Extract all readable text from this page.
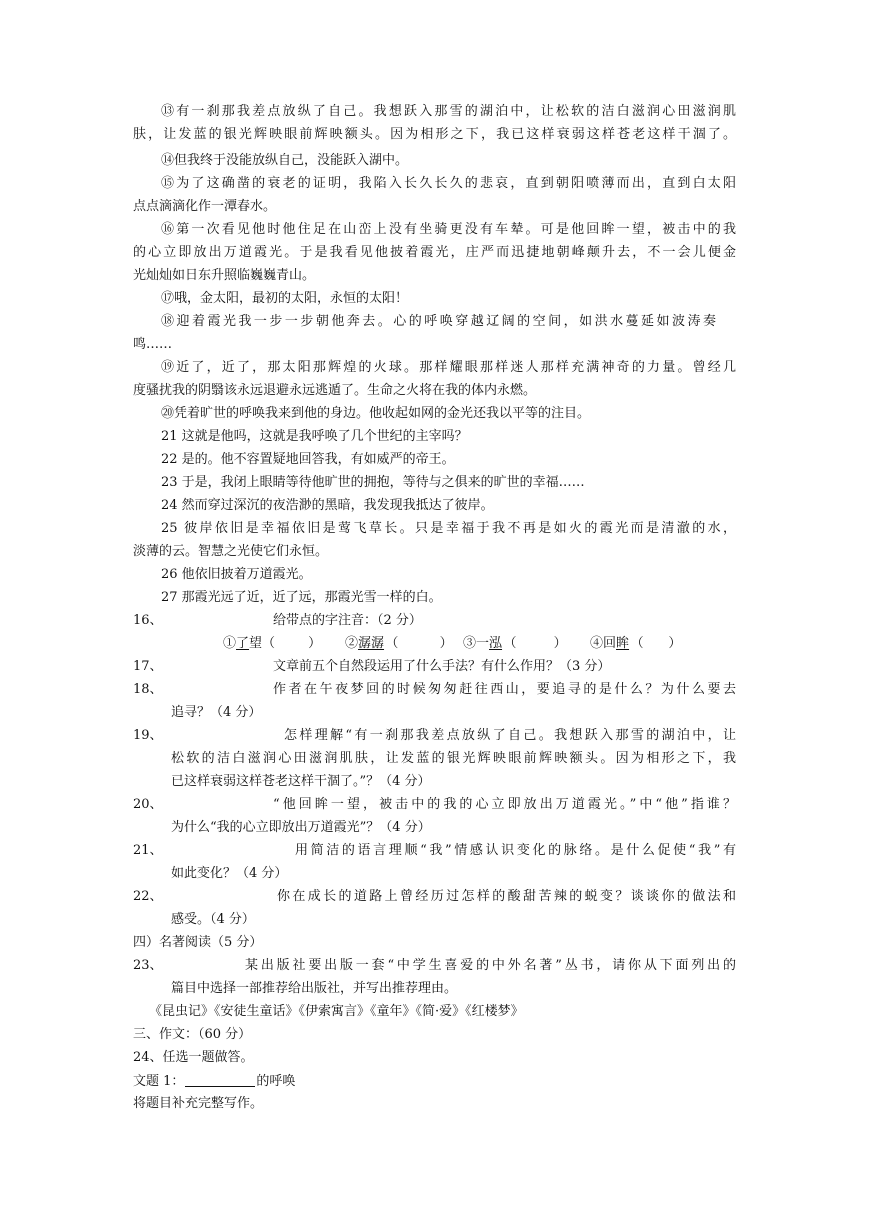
⑬有一刹那我差点放纵了自己。我想跃入那雪的湖泊中，让松软的洁白滋润心田滋润肌
肤，让发蓝的银光辉映眼前辉映额头。因为相形之下，我已这样衰弱这样苍老这样干涸了。
⑭但我终于没能放纵自己，没能跃入湖中。
⑮为了这确凿的衰老的证明，我陷入长久长久的悲哀，直到朝阳喷薄而出，直到白太阳
点点滴滴化作一潭春水。
⑯第一次看见他时他住足在山峦上没有坐骑更没有车辇。可是他回眸一望，被击中的我
的心立即放出万道霞光。于是我看见他披着霞光，庄严而迅捷地朝峰颠升去，不一会儿便金
光灿灿如日东升照临巍巍青山。
⑰哦，金太阳，最初的太阳，永恒的太阳！
⑱迎着霞光我一步一步朝他奔去。心的呼唤穿越辽阔的空间，如洪水蔓延如波涛奏
鸣……
⑲近了，近了，那太阳那辉煌的火球。那样耀眼那样迷人那样充满神奇的力量。曾经几
度骚扰我的阴翳该永远退避永远逃遁了。生命之火将在我的体内永燃。
⑳凭着旷世的呼唤我来到他的身边。他收起如网的金光还我以平等的注目。
21 这就是他吗，这就是我呼唤了几个世纪的主宰吗？
22 是的。他不容置疑地回答我，有如威严的帝王。
23 于是，我闭上眼睛等待他旷世的拥抱，等待与之俱来的旷世的幸福……
24 然而穿过深沉的夜浩渺的黑暗，我发现我抵达了彼岸。
25 彼岸依旧是幸福依旧是莺飞草长。只是幸福于我不再是如火的霞光而是清澈的水，
淡薄的云。智慧之光使它们永恒。
26 他依旧披着万道霞光。
27 那霞光远了近，近了远，那霞光雪一样的白。
16、	给带点的字注音：（2 分）
①了望（        ） ②潺潺（          ） ③一泓（         ） ④回眸 （      ）
17、	文章前五个自然段运用了什么手法？有什么作用？（3 分）
18、	作者在午夜梦回的时候匆匆赶往西山，要追寻的是什么？为什么要去
追寻？（4 分）
19、	怎样理解“有一刹那我差点放纵了自己。我想跃入那雪的湖泊中，让
松软的洁白滋润心田滋润肌肤，让发蓝的银光辉映眼前辉映额头。因为相形之下，我
已这样衰弱这样苍老这样干涸了。”？（4 分）
20、	“他回眸一望，被击中的我的心立即放出万道霞光。”中“他”指谁？
为什么“我的心立即放出万道霞光”？（4 分）
21、	用简洁的语言理顺“我”情感认识变化的脉络。是什么促使“我”有
如此变化？（4 分）
22、	你在成长的道路上曾经历过怎样的酸甜苦辣的蜕变？谈谈你的做法和
感受。（4 分）
四）名著阅读（5 分）
23、	某出版社要出版一套“中学生喜爱的中外名著”丛书，请你从下面列出的
篇目中选择一部推荐给出版社，并写出推荐理由。
《昆虫记》《安徒生童话》《伊索寓言》《童年》《简·爱》《红楼梦》
三、作文：（60 分）
24、任选一题做答。
文题 1：	的呼唤
将题目补充完整写作。
